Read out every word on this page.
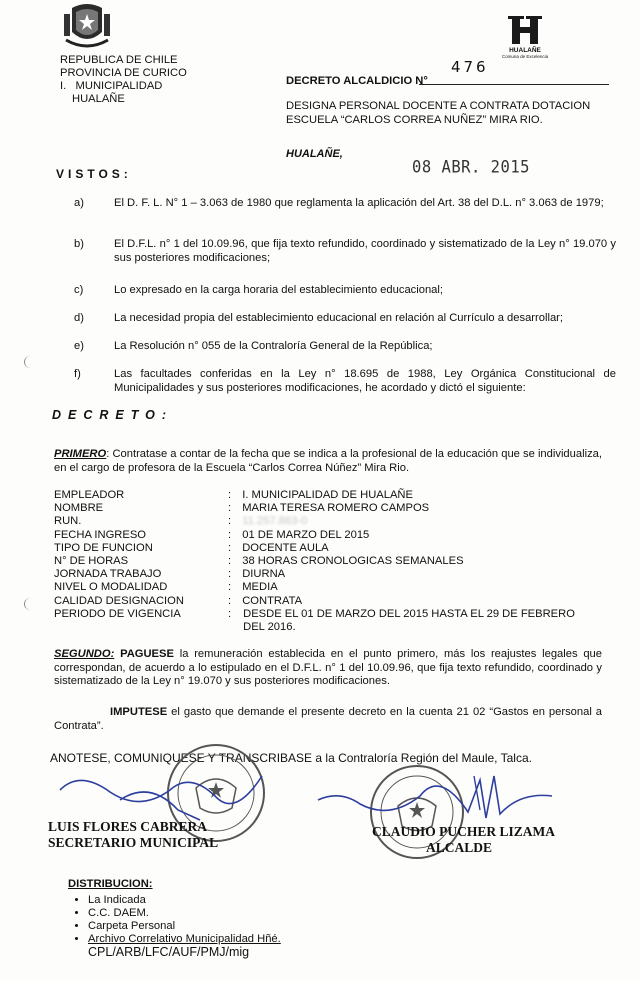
REPUBLICA DE CHILE
PROVINCIA DE CURICO
I.   MUNICIPALIDAD
HUALAÑE
HUALAÑE
Comuna de Excelencia
DECRETO ALCALDICIO N° 476
DESIGNA PERSONAL DOCENTE A CONTRATA DOTACION ESCUELA “CARLOS CORREA NUÑEZ” MIRA RIO.
HUALAÑE,
08 ABR. 2015
VISTOS:
a)	El D. F. L. N° 1 – 3.063 de 1980 que reglamenta la aplicación del Art. 38 del D.L. n° 3.063 de 1979;
b)	El D.F.L. n° 1 del 10.09.96, que fija texto refundido, coordinado y sistematizado de la Ley n° 19.070 y sus posteriores modificaciones;
c)	Lo expresado en la carga horaria del establecimiento educacional;
d)	La necesidad propia del establecimiento educacional en relación al Currículo a desarrollar;
e)	La Resolución n° 055 de la Contraloría General de la República;
f)	Las facultades conferidas en la Ley n° 18.695 de 1988, Ley Orgánica Constitucional de Municipalidades y sus posteriores modificaciones, he acordado y dictó el siguiente:
DECRETO:
PRIMERO: Contratase a contar de la fecha que se indica a la profesional de la educación que se individualiza, en el cargo de profesora de la Escuela “Carlos Correa Núñez” Mira Rio.
EMPLEADOR	: I. MUNICIPALIDAD DE HUALAÑE
NOMBRE	: MARIA TERESA ROMERO CAMPOS
RUN.	: 11.257.863-0
FECHA INGRESO	: 01 DE MARZO DEL 2015
TIPO DE FUNCION	: DOCENTE AULA
N° DE HORAS	: 38 HORAS CRONOLOGICAS SEMANALES
JORNADA TRABAJO	: DIURNA
NIVEL O MODALIDAD	: MEDIA
CALIDAD DESIGNACION	: CONTRATA
PERIODO DE VIGENCIA	: DESDE EL 01 DE MARZO DEL 2015 HASTA EL 29 DE FEBRERO DEL 2016.
SEGUNDO: PAGUESE la remuneración establecida en el punto primero, más los reajustes legales que correspondan, de acuerdo a lo estipulado en el D.F.L. n° 1 del 10.09.96, que fija texto refundido, coordinado y sistematizado de la Ley n° 19.070 y sus posteriores modificaciones.
IMPUTESE el gasto que demande el presente decreto en la cuenta 21 02 “Gastos en personal a Contrata”.
ANOTESE, COMUNIQUESE Y TRANSCRIBASE a la Contraloría Región del Maule, Talca.
LUIS FLORES CABRERA
SECRETARIO MUNICIPAL
CLAUDIO PUCHER LIZAMA
ALCALDE
DISTRIBUCION:
• La Indicada
• C.C. DAEM.
• Carpeta Personal
• Archivo Correlativo Municipalidad Hñé.
CPL/ARB/LFC/AUF/PMJ/mig
